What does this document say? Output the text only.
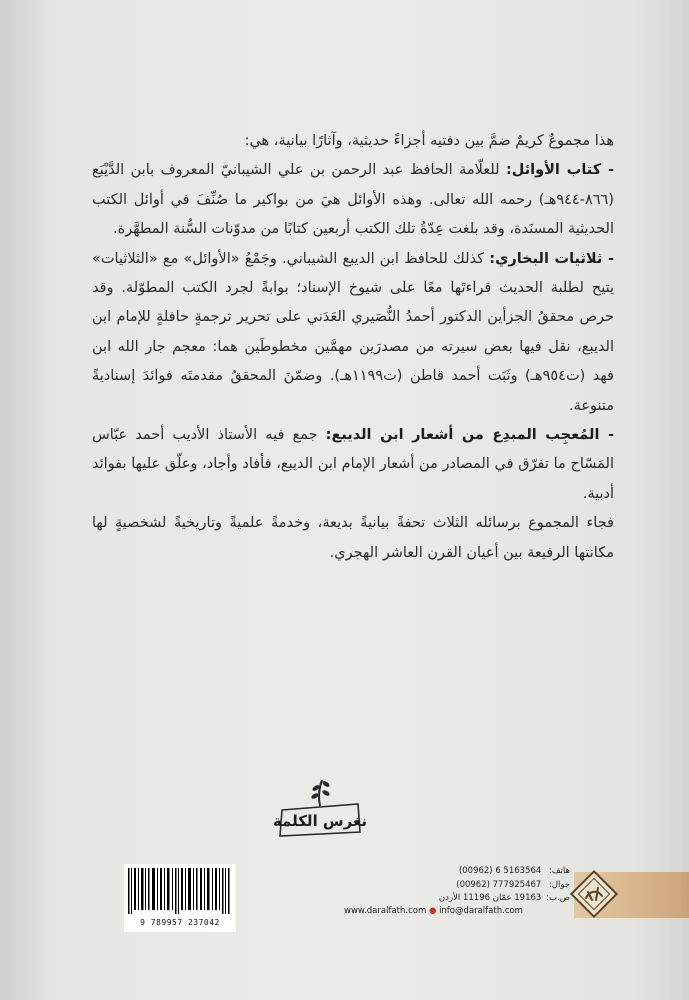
هذا مجموعٌ كريمٌ ضمَّ بين دفتيه أجزاءً حديثية، وآثارًا بيانية، هي:

- كتاب الأوائل: للعلّامة الحافظ عبد الرحمن بن علي الشيبانيّ المعروف بابن الدَّيْبَع (٨٦٦-٩٤٤هـ) رحمه الله تعالى. وهذه الأوائل هيَ من بواكير ما صُنِّفَ في أوائل الكتب الحديثية المسنَدة، وقد بلغت عِدّةُ تلك الكتب أربعين كتابًا من مدوّنات السُّنة المطهَّرة.

- ثلاثيات البخاري: كذلك للحافظ ابن الديبع الشيباني. وجَمْعُ «الأوائل» مع «الثلاثيات» يتيح لطلبة الحديث قراءتَها معًا على شيوخ الإسناد؛ بوابةً لجرد الكتب المطوّلة. وقد حرص محققُ الجزأين الدكتور أحمدُ النُّصَيري العَدَني على تحرير ترجمةٍ حافلةٍ للإمام ابن الديبع، نقل فيها بعض سيرته من مصدرَين مهمَّين مخطوطَين هما: معجم جار الله ابن فهد (ت٩٥٤هـ) وثَبَت أحمد قاطن (ت١١٩٩هـ). وضمّنَ المحققُ مقدمتَه فوائدَ إسناديةً متنوعة.

- المُعجِب المبدِع من أشعار ابن الديبع: جمع فيه الأستاذ الأديب أحمد عبّاس المَسّاح ما تفرّق في المصادر من أشعار الإمام ابن الديبع، فأفاد وأجاد، وعلّق عليها بفوائد أدبية.

فجاء المجموع برسائله الثلاث تحفةً بيانيةً بديعة، وخدمةً علميةً وتاريخيةً لشخصيةٍ لها مكانتها الرفيعة بين أعيان القرن العاشر الهجري.

نغرس الكلمة
9 789957 237042
هاتف: (00962) 6 5163564
جوال: (00962) 777925467
ص.ب: 19163 عمّان 11196 الأردن
www.daralfath.com ● info@daralfath.com
